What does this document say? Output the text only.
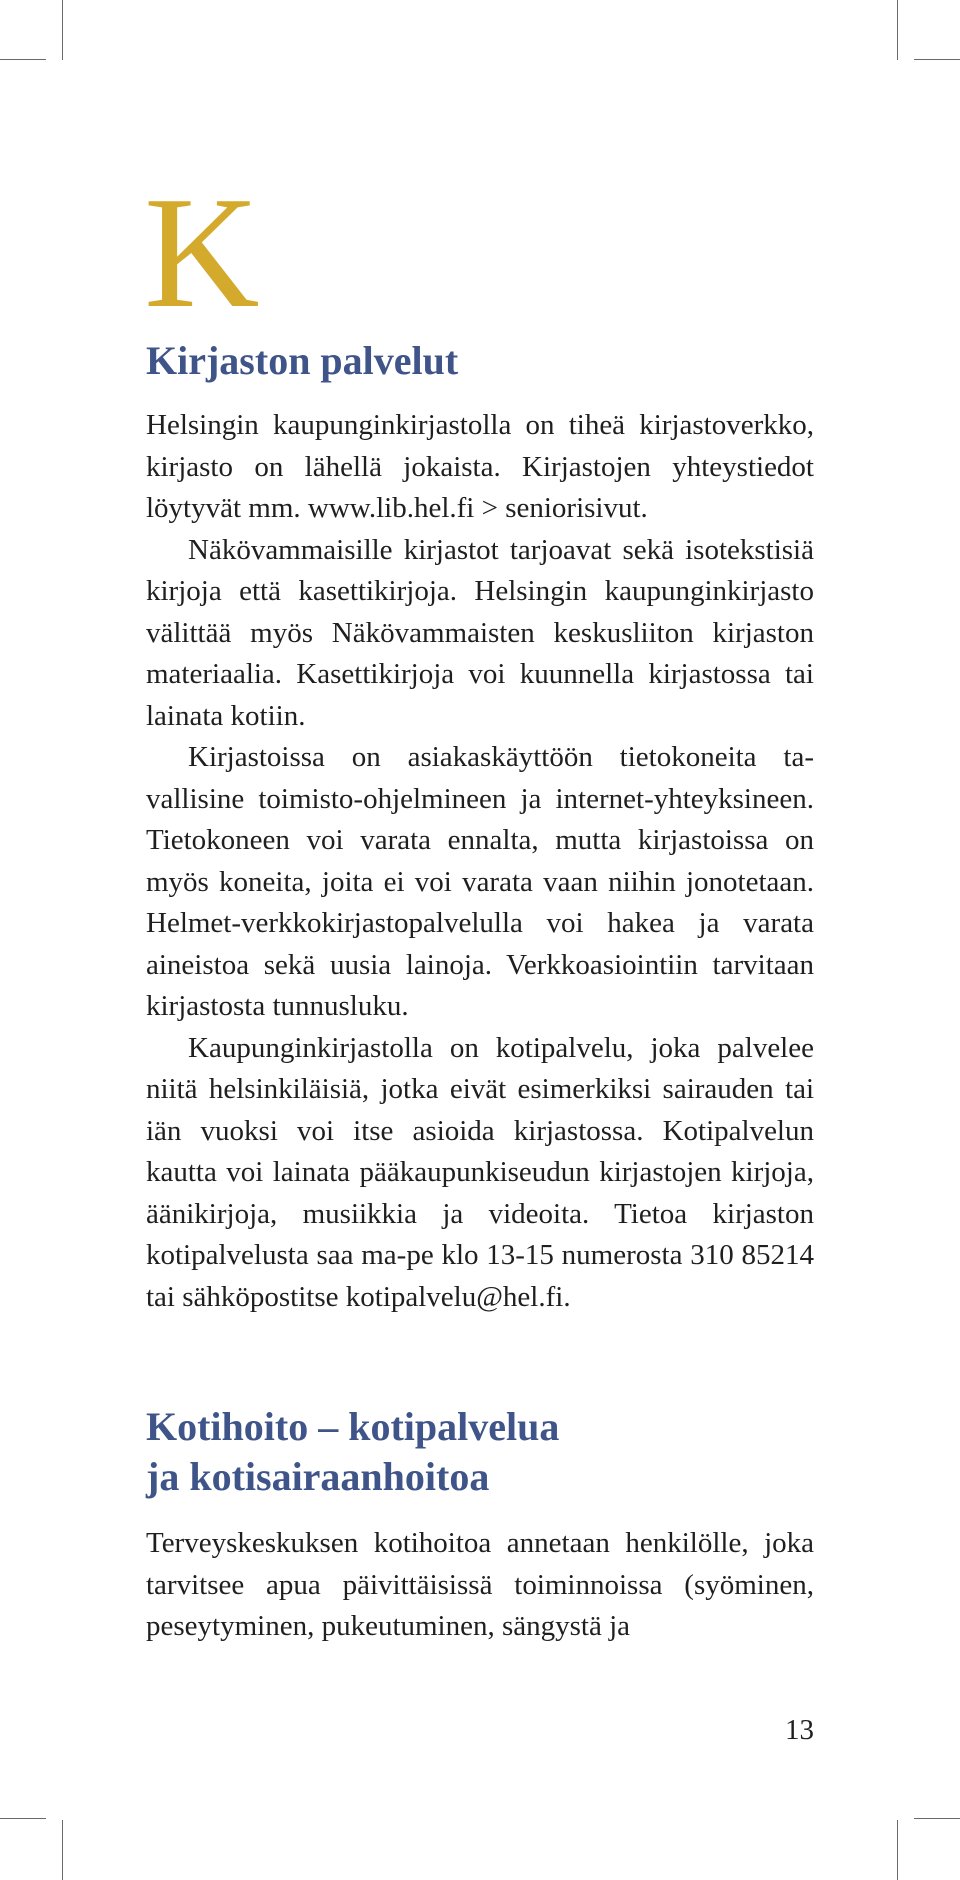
K
Kirjaston palvelut

Helsingin kaupunginkirjastolla on tiheä kirjastoverkko, kirjasto on lähellä jokaista. Kirjastojen yhteystiedot löytyvät mm. www.lib.hel.fi > seniorisivut.

Näkövammaisille kirjastot tarjoavat sekä isotekstisiä kirjoja että kasettikirjoja. Helsingin kaupunginkirjasto välittää myös Näkövammaisten keskusliiton kirjaston materiaalia. Kasettikirjoja voi kuunnella kirjastossa tai lainata kotiin.

Kirjastoissa on asiakaskäyttöön tietokoneita tavallisine toimisto-ohjelmineen ja internet-yhteyksineen. Tietokoneen voi varata ennalta, mutta kirjastoissa on myös koneita, joita ei voi varata vaan niihin jonotetaan. Helmet-verkkokirjastopalvelulla voi hakea ja varata aineistoa sekä uusia lainoja. Verkkoasiointiin tarvitaan kirjastosta tunnusluku.

Kaupunginkirjastolla on kotipalvelu, joka palvelee niitä helsinkiläisiä, jotka eivät esimerkiksi sairauden tai iän vuoksi voi itse asioida kirjastossa. Kotipalvelun kautta voi lainata pääkaupunkiseudun kirjastojen kirjoja, äänikirjoja, musiikkia ja videoita. Tietoa kirjaston kotipalvelusta saa ma-pe klo 13-15 numerosta 310 85214 tai sähköpostitse kotipalvelu@hel.fi.

Kotihoito – kotipalvelua
ja kotisairaanhoitoa

Terveyskeskuksen kotihoitoa annetaan henkilölle, joka tarvitsee apua päivittäisissä toiminnoissa (syöminen, peseytyminen, pukeutuminen, sängystä ja

13
